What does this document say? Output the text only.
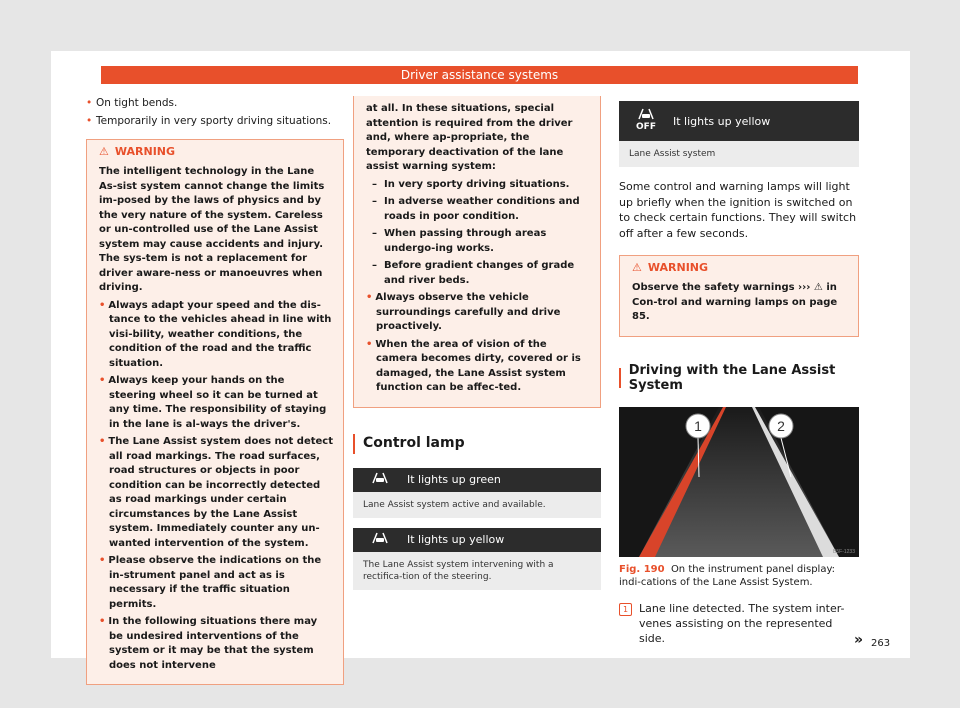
Driver assistance systems
• On tight bends.
• Temporarily in very sporty driving situations.
⚠ WARNING

The intelligent technology in the Lane As-sist system cannot change the limits im-posed by the laws of physics and by the very nature of the system. Careless or un-controlled use of the Lane Assist system may cause accidents and injury. The sys-tem is not a replacement for driver aware-ness or manoeuvres when driving.

• Always adapt your speed and the dis-tance to the vehicles ahead in line with visi-bility, weather conditions, the condition of the road and the traffic situation.
• Always keep your hands on the steering wheel so it can be turned at any time. The responsibility of staying in the lane is al-ways the driver's.
• The Lane Assist system does not detect all road markings. The road surfaces, road structures or objects in poor condition can be incorrectly detected as road markings under certain circumstances by the Lane Assist system. Immediately counter any un-wanted intervention of the system.
• Please observe the indications on the in-strument panel and act as is necessary if the traffic situation permits.
• In the following situations there may be undesired interventions of the system or it may be that the system does not intervene

at all. In these situations, special attention is required from the driver and, where ap-propriate, the temporary deactivation of the lane assist warning system:

– In very sporty driving situations.
– In adverse weather conditions and roads in poor condition.
– When passing through areas undergo-ing works.
– Before gradient changes of grade and river beds.
• Always observe the vehicle surroundings carefully and drive proactively.
• When the area of vision of the camera becomes dirty, covered or is damaged, the Lane Assist system function can be affec-ted.
Control lamp
It lights up green
Lane Assist system active and available.
It lights up yellow
The Lane Assist system intervening with a rectifica-tion of the steering.
OFF It lights up yellow
Lane Assist system
Some control and warning lamps will light up briefly when the ignition is switched on to check certain functions. They will switch off after a few seconds.
⚠ WARNING

Observe the safety warnings ››› ⚠ in Con-trol and warning lamps on page 85.

Driving with the Lane Assist System
1	2
B5F-1233
Fig. 190 On the instrument panel display: indi-cations of the Lane Assist System.
1 Lane line detected. The system inter-venes assisting on the represented side.	» 263
